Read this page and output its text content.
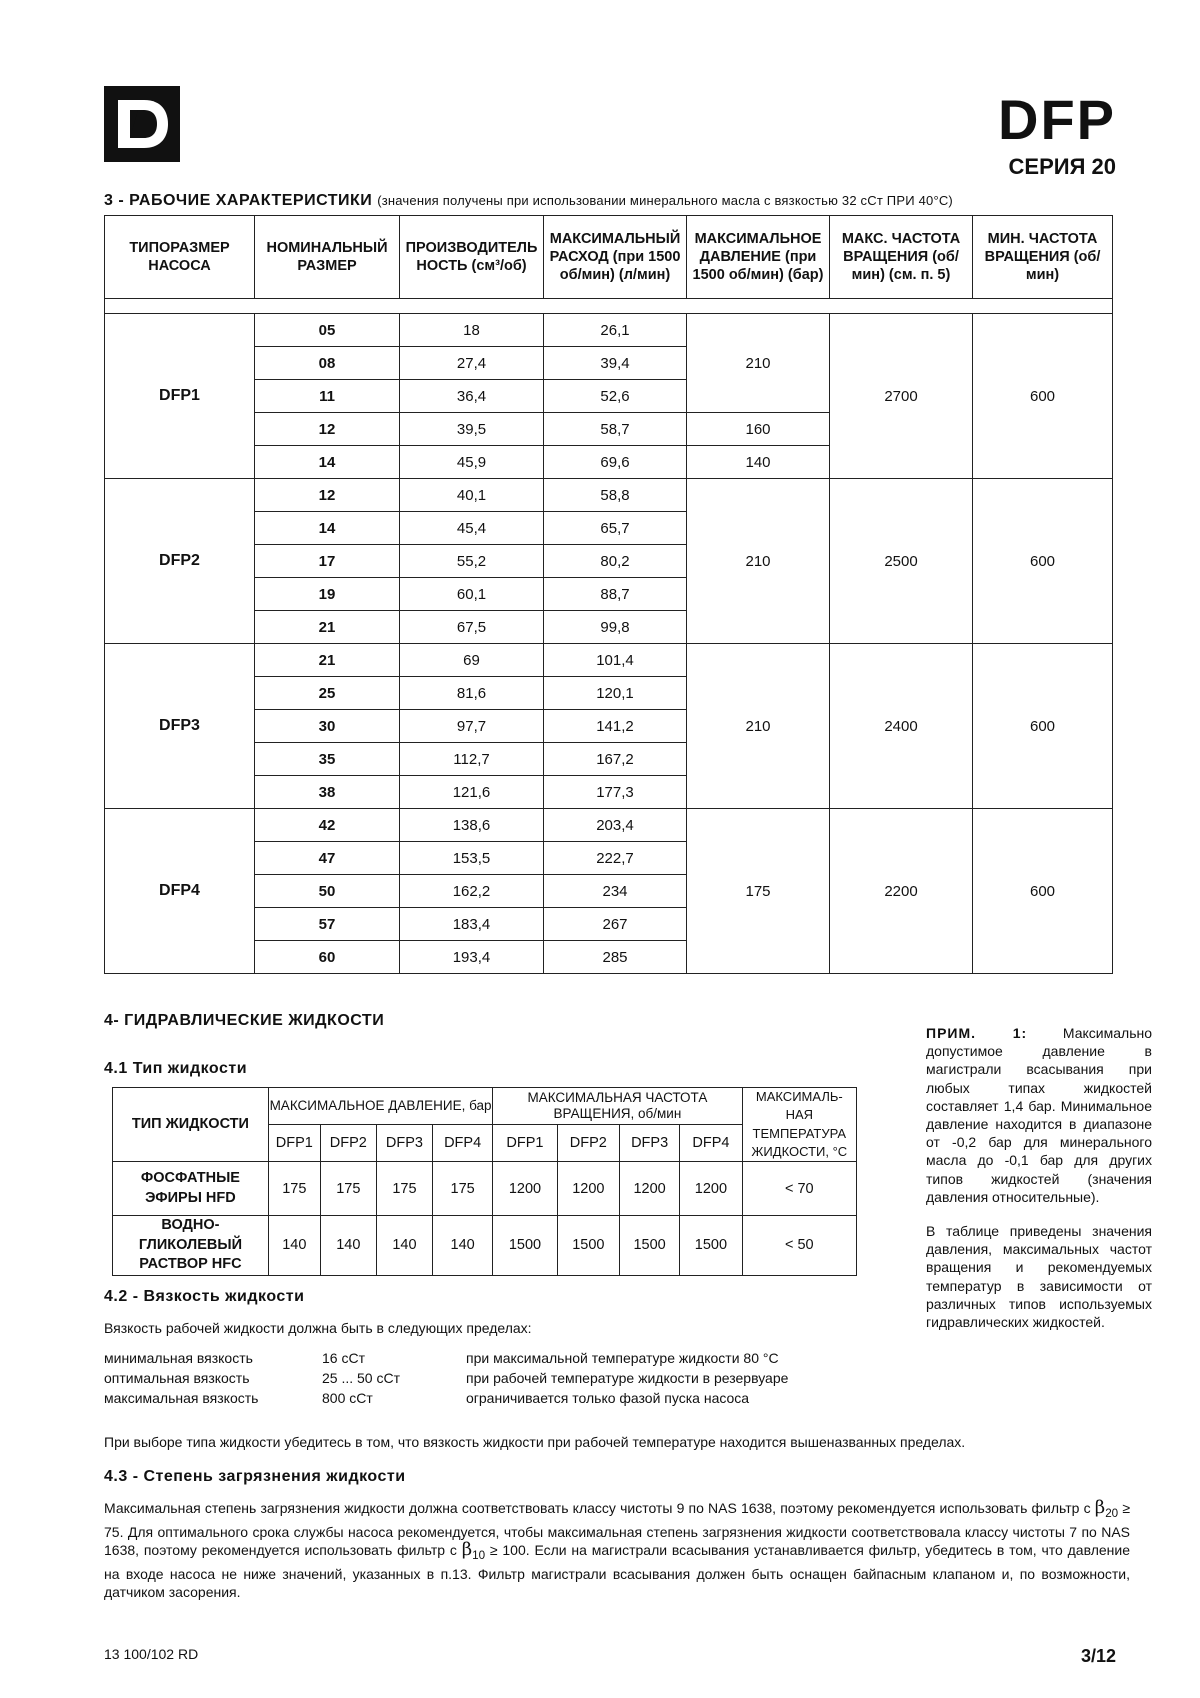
DFP
СЕРИЯ 20
3 - РАБОЧИЕ ХАРАКТЕРИСТИКИ (значения получены при использовании минерального масла с вязкостью 32 сСт ПРИ 40°С)
ТИПОРАЗМЕР НАСОСА	НОМИНАЛЬНЫЙ РАЗМЕР	ПРОИЗВОДИТЕЛЬ НОСТЬ (см³/об)	МАКСИМАЛЬНЫЙ РАСХОД (при 1500 об/мин) (л/мин)	МАКСИМАЛЬНОЕ ДАВЛЕНИЕ (при 1500 об/мин) (бар)	МАКС. ЧАСТОТА ВРАЩЕНИЯ (об/мин) (см. п. 5)	МИН. ЧАСТОТА ВРАЩЕНИЯ (об/мин)

DFP1	05	18	26,1	210	2700	600
	08	27,4	39,4			
	11	36,4	52,6			
	12	39,5	58,7	160		
	14	45,9	69,6	140		
DFP2	12	40,1	58,8	210	2500	600
	14	45,4	65,7			
	17	55,2	80,2			
	19	60,1	88,7			
	21	67,5	99,8			
DFP3	21	69	101,4	210	2400	600
	25	81,6	120,1			
	30	97,7	141,2			
	35	112,7	167,2			
	38	121,6	177,3			
DFP4	42	138,6	203,4	175	2200	600
	47	153,5	222,7			
	50	162,2	234			
	57	183,4	267			
	60	193,4	285			
4- ГИДРАВЛИЧЕСКИЕ ЖИДКОСТИ
4.1 Тип жидкости
ТИП ЖИДКОСТИ	МАКСИМАЛЬНОЕ ДАВЛЕНИЕ, бар				МАКСИМАЛЬНАЯ ЧАСТОТА ВРАЩЕНИЯ, об/мин				МАКСИМАЛЬ-НАЯ ТЕМПЕРАТУРА ЖИДКОСТИ, °С
	DFP1	DFP2	DFP3	DFP4	DFP1	DFP2	DFP3	DFP4	
ФОСФАТНЫЕ ЭФИРЫ HFD	175	175	175	175	1200	1200	1200	1200	< 70
ВОДНО-ГЛИКОЛЕВЫЙ РАСТВОР HFC	140	140	140	140	1500	1500	1500	1500	< 50

ПРИМ. 1:	Максимально допустимое давление в магистрали всасывания при любых типах жидкостей составляет 1,4 бар. Минимальное давление находится в диапазоне от -0,2 бар для минерального масла до -0,1 бар для других типов жидкостей (значения давления относительные).

В таблице приведены значения давления, максимальных частот вращения и рекомендуемых температур в зависимости от различных типов используемых гидравлических жидкостей.

4.2 - Вязкость жидкости
Вязкость рабочей жидкости должна быть в следующих пределах:
минимальная вязкость	16 сСт	при максимальной температуре жидкости 80 °С
оптимальная вязкость	25 ... 50 сСт	при рабочей температуре жидкости в резервуаре
максимальная вязкость	800 сСт	ограничивается только фазой пуска насоса
При выборе типа жидкости убедитесь в том, что вязкость жидкости при рабочей температуре находится вышеназванных пределах.
4.3 - Степень загрязнения жидкости
Максимальная степень загрязнения жидкости должна соответствовать классу чистоты 9 по NAS 1638, поэтому рекомендуется использовать фильтр с $\beta_{20} \ge 75$. Для оптимального срока службы насоса рекомендуется, чтобы максимальная степень загрязнения жидкости соответствовала классу чистоты 7 по NAS 1638, поэтому рекомендуется использовать фильтр с $\beta_{10} \ge 100$. Если на магистрали всасывания устанавливается фильтр, убедитесь в том, что давление на входе насоса не ниже значений, указанных в п.13. Фильтр магистрали всасывания должен быть оснащен байпасным клапаном и, по возможности, датчиком засорения.
13 100/102 RD	3/12
